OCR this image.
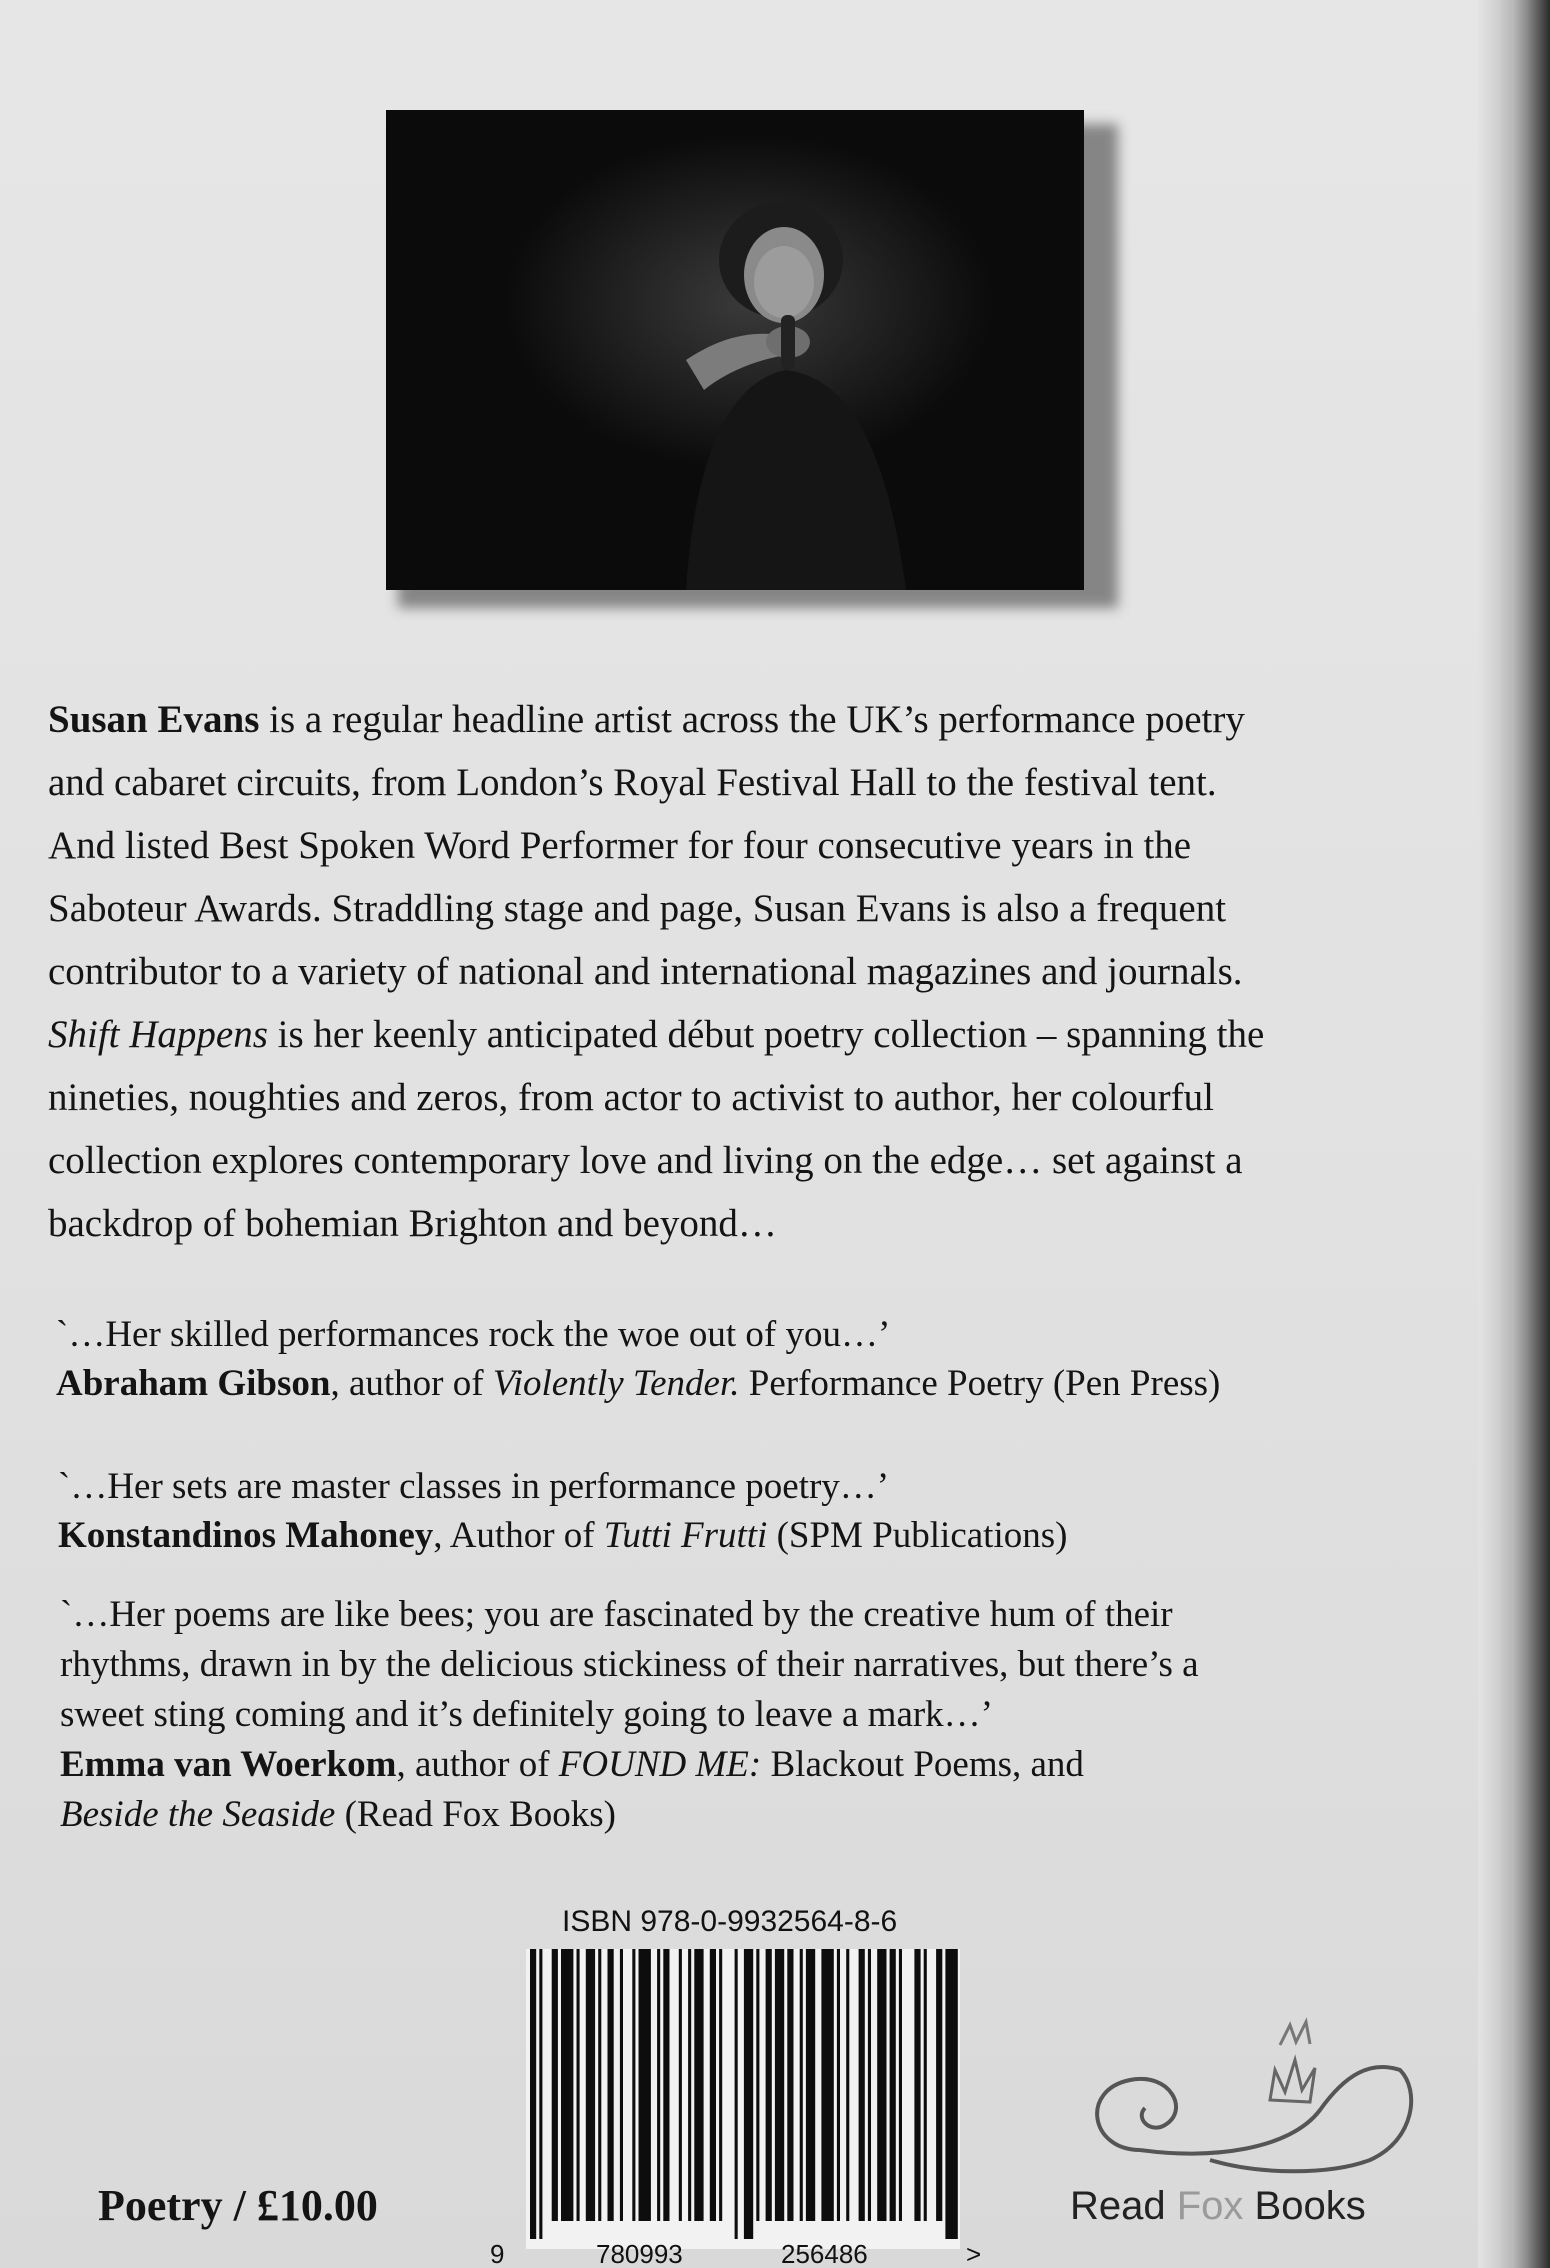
Susan Evans is a regular headline artist across the UK’s performance poetry
and cabaret circuits, from London’s Royal Festival Hall to the festival tent.
And listed Best Spoken Word Performer for four consecutive years in the
Saboteur Awards. Straddling stage and page, Susan Evans is also a frequent
contributor to a variety of national and international magazines and journals.
Shift Happens is her keenly anticipated début poetry collection – spanning the
nineties, noughties and zeros, from actor to activist to author, her colourful
collection explores contemporary love and living on the edge… set against a
backdrop of bohemian Brighton and beyond…
`…Her skilled performances rock the woe out of you…’
Abraham Gibson, author of Violently Tender. Performance Poetry (Pen Press)
`…Her sets are master classes in performance poetry…’
Konstandinos Mahoney, Author of Tutti Frutti (SPM Publications)
`…Her poems are like bees; you are fascinated by the creative hum of their
rhythms, drawn in by the delicious stickiness of their narratives, but there’s a
sweet sting coming and it’s definitely going to leave a mark…’
Emma van Woerkom, author of FOUND ME: Blackout Poems, and
Beside the Seaside (Read Fox Books)
ISBN 978-0-9932564-8-6
9	780993	256486	>
Poetry / £10.00	Read Fox Books
